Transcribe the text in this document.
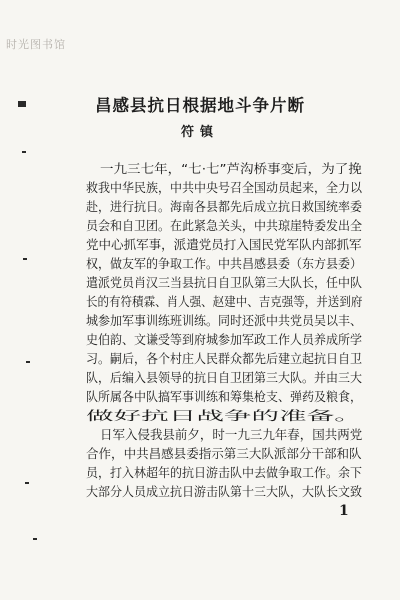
时光图书馆
昌感县抗日根据地斗争片断
符镇
一九三七年，“七·七”芦沟桥事变后，为了挽
救我中华民族，中共中央号召全国动员起来，全力以
赴，进行抗日。海南各县都先后成立抗日救国统率委
员会和自卫团。在此紧急关头，中共琼崖特委发出全
党中心抓军事，派遣党员打入国民党军队内部抓军
权，做友军的争取工作。中共昌感县委（东方县委）
遣派党员肖汉三当县抗日自卫队第三大队长，任中队
长的有符積霖、肖人强、赵建中、吉克强等，并送到府
城参加军事训练班训练。同时还派中共党员吴以丰、
史伯韵、文谦受等到府城参加军政工作人员养成所学
习。嗣后，各个村庄人民群众都先后建立起抗日自卫
队，后编入县领导的抗日自卫团第三大队。并由三大
队所属各中队搞军事训练和筹集枪支、弹药及粮食，
做好抗日战争的准备。
日军入侵我县前夕，时一九三九年春，国共两党
合作，中共昌感县委指示第三大队派部分干部和队
员，打入林超年的抗日游击队中去做争取工作。余下
大部分人员成立抗日游击队第十三大队，大队长文致
1
